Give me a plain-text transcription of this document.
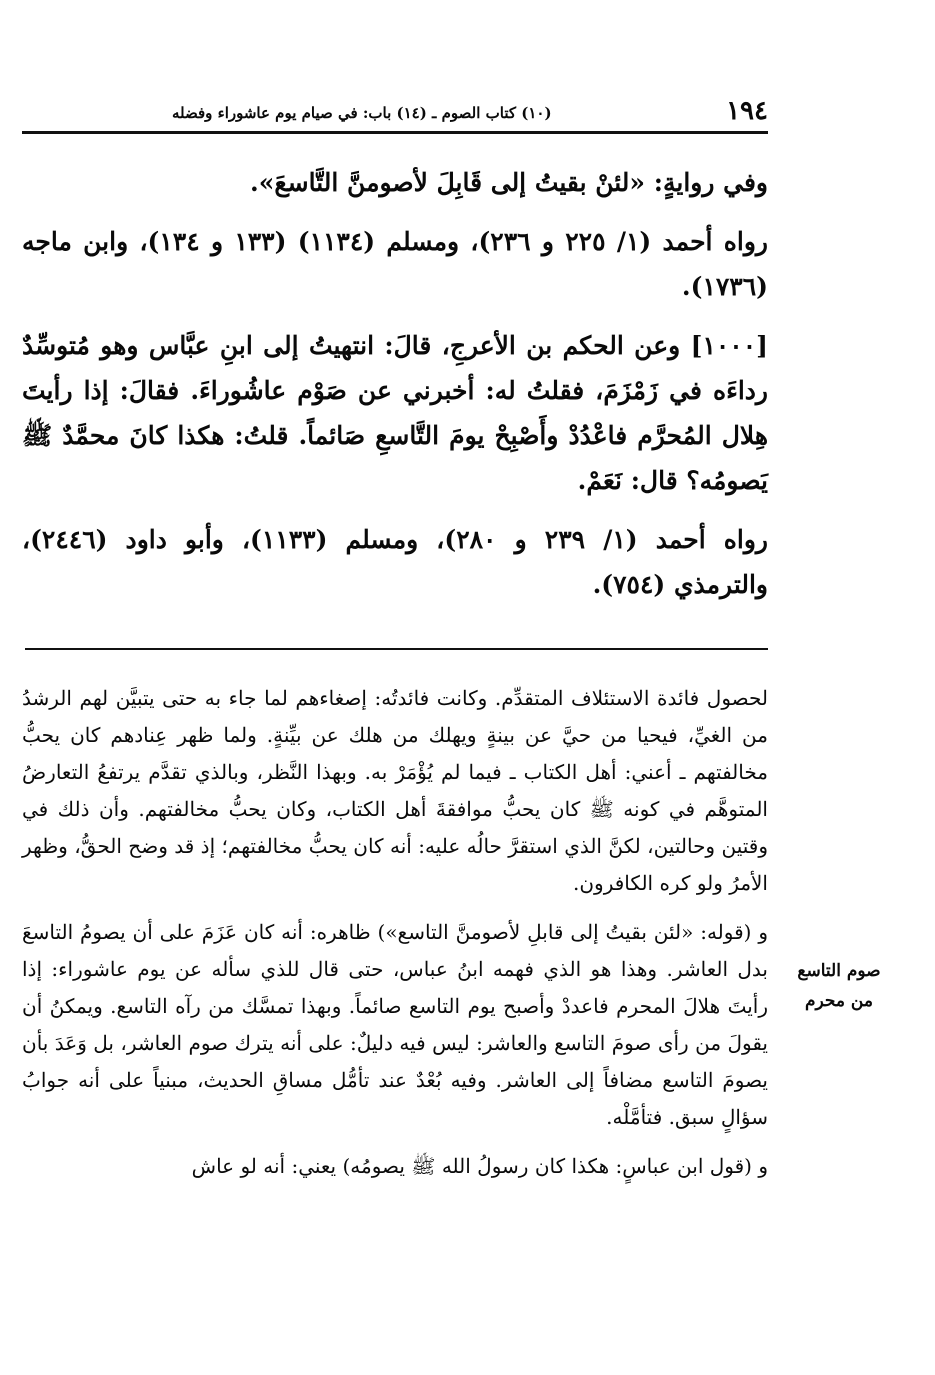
١٩٤
(١٠) كتاب الصوم ـ (١٤) باب: في صيام يوم عاشوراء وفضله

وفي روايةٍ: «لئنْ بقيتُ إلى قَابِلَ لأصومنَّ التَّاسعَ».

رواه أحمد (١/ ٢٢٥ و ٢٣٦)، ومسلم (١١٣٤) (١٣٣ و ١٣٤)، وابن ماجه (١٧٣٦).

[١٠٠٠] وعن الحكم بن الأعرجِ، قالَ: انتهيتُ إلى ابنِ عبَّاس وهو مُتوسِّدٌ رداءَه في زَمْزَمَ، فقلتُ له: أخبرني عن صَوْم عاشُوراءَ. فقالَ: إذا رأيتَ هِلال المُحرَّم فاعْدُدْ وأَصْبِحْ يومَ التَّاسعِ صَائماً. قلتُ: هكذا كانَ محمَّدٌ ﷺ يَصومُه؟ قال: نَعَمْ.

رواه أحمد (١/ ٢٣٩ و ٢٨٠)، ومسلم (١١٣٣)، وأبو داود (٢٤٤٦)، والترمذي (٧٥٤).

لحصول فائدة الاستئلاف المتقدِّم. وكانت فائدتُه: إصغاءهم لما جاء به حتى يتبيَّن لهم الرشدُ من الغيِّ، فيحيا من حيَّ عن بينةٍ ويهلك من هلك عن بيِّنةٍ. ولما ظهر عِنادهم كان يحبُّ مخالفتهم ـ أعني: أهل الكتاب ـ فيما لم يُؤْمَرْ به. وبهذا النَّظر، وبالذي تقدَّم يرتفعُ التعارضُ المتوهَّم في كونه ﷺ كان يحبُّ موافقةَ أهل الكتاب، وكان يحبُّ مخالفتهم. وأن ذلك في وقتين وحالتين، لكنَّ الذي استقرَّ حالُه عليه: أنه كان يحبُّ مخالفتهم؛ إذ قد وضح الحقُّ، وظهر الأمرُ ولو كره الكافرون.

و (قوله: «لئن بقيتُ إلى قابلِ لأصومنَّ التاسع») ظاهره: أنه كان عَزَمَ على أن يصومُ التاسعَ بدل العاشر. وهذا هو الذي فهمه ابنُ عباس، حتى قال للذي سأله عن يوم عاشوراء: إذا رأيتَ هلالَ المحرم فاعددْ وأصبح يوم التاسع صائماً. وبهذا تمسَّك من رآه التاسع. ويمكنُ أن يقولَ من رأى صومَ التاسع والعاشر: ليس فيه دليلٌ: على أنه يترك صوم العاشر، بل وَعَدَ بأن يصومَ التاسع مضافاً إلى العاشر. وفيه بُعْدٌ عند تأمُّل مساقِ الحديث، مبنياً على أنه جوابُ سؤالٍ سبق. فتأمَّلْه.

و (قول ابن عباسٍ: هكذا كان رسولُ الله ﷺ يصومُه) يعني: أنه لو عاش

صوم التاسع
من محرم
